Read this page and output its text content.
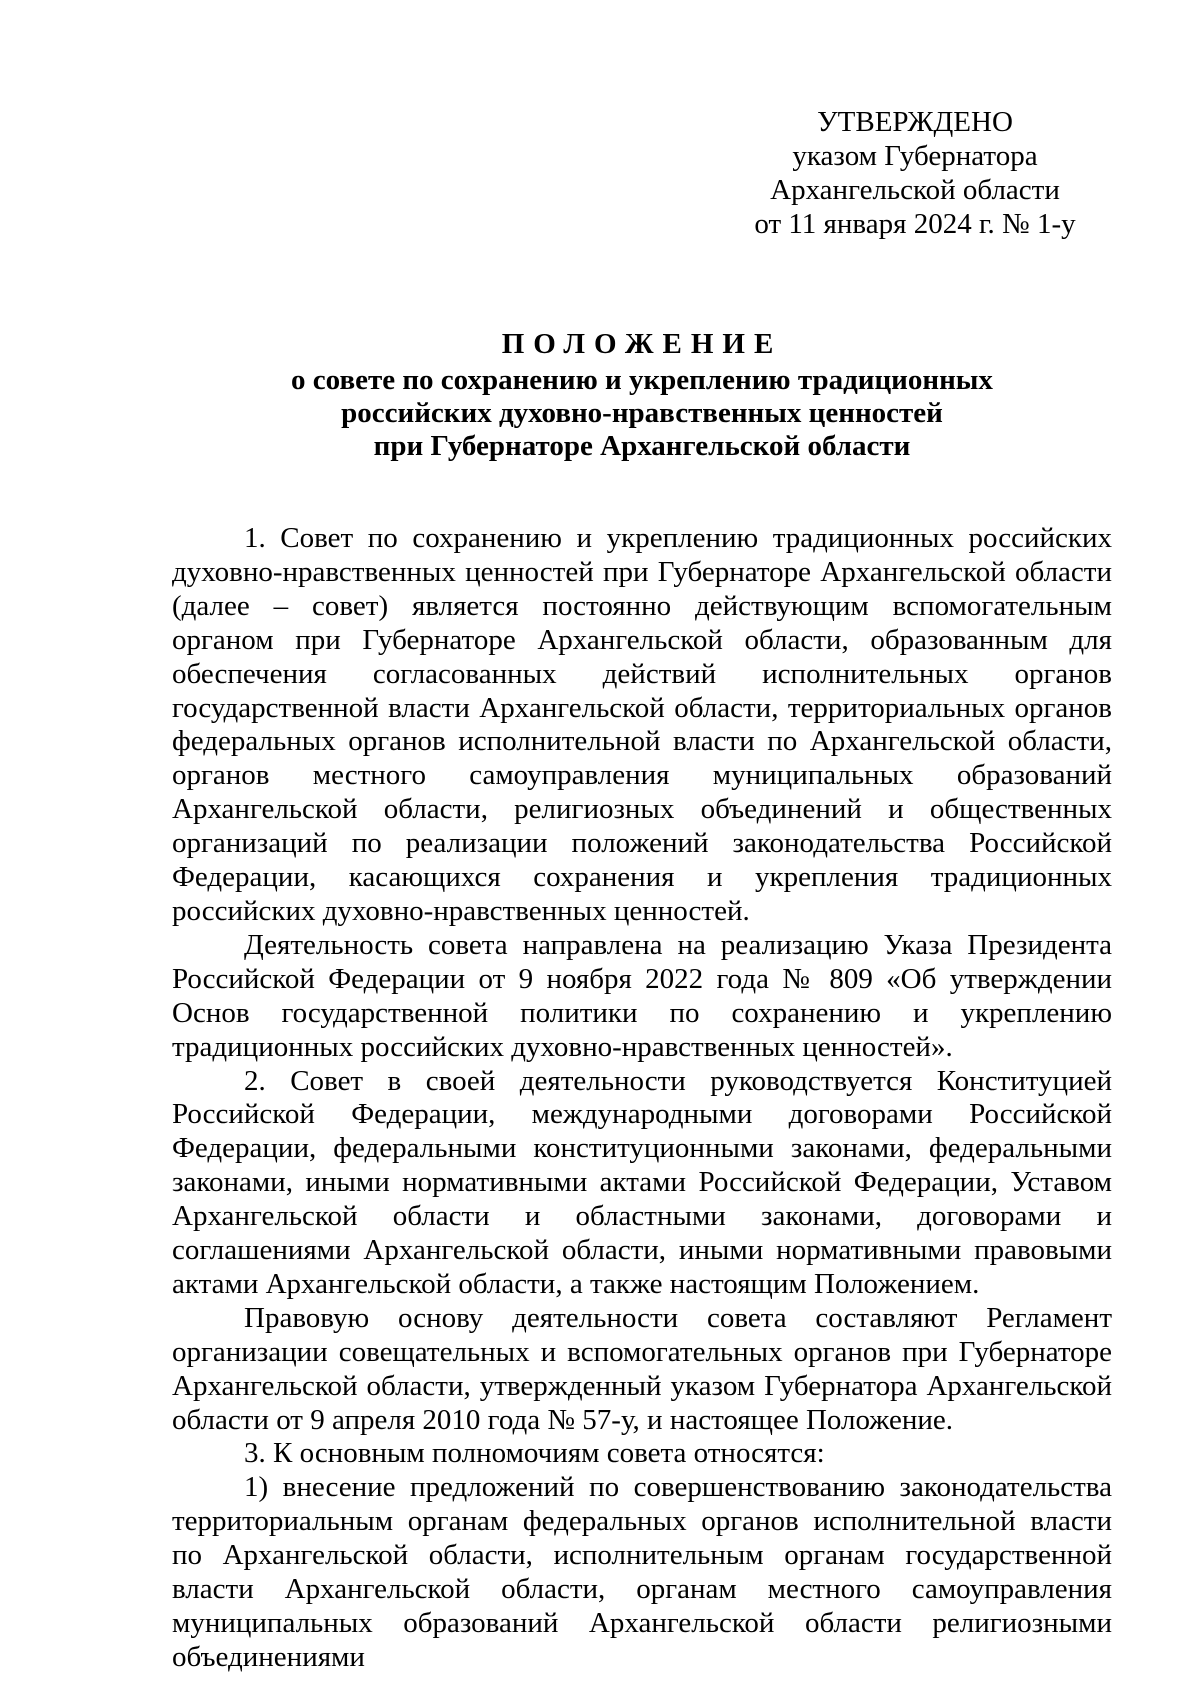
УТВЕРЖДЕНО
указом Губернатора
Архангельской области
от 11 января 2024 г. № 1-у
ПОЛОЖЕНИЕ
о совете по сохранению и укреплению традиционных
российских духовно-нравственных ценностей
при Губернаторе Архангельской области

1. Совет по сохранению и укреплению традиционных российских духовно-нравственных ценностей при Губернаторе Архангельской области (далее – совет) является постоянно действующим вспомогательным органом при Губернаторе Архангельской области, образованным для обеспечения согласованных действий исполнительных органов государственной власти Архангельской области, территориальных органов федеральных органов исполнительной власти по Архангельской области, органов местного самоуправления муниципальных образований Архангельской области, религиозных объединений и общественных организаций по реализации положений законодательства Российской Федерации, касающихся сохранения и укрепления традиционных российских духовно-нравственных ценностей.

Деятельность совета направлена на реализацию Указа Президента Российской Федерации от 9 ноября 2022 года № 809 «Об утверждении Основ государственной политики по сохранению и укреплению традиционных российских духовно-нравственных ценностей».

2. Совет в своей деятельности руководствуется Конституцией Российской Федерации, международными договорами Российской Федерации, федеральными конституционными законами, федеральными законами, иными нормативными актами Российской Федерации, Уставом Архангельской области и областными законами, договорами и соглашениями Архангельской области, иными нормативными правовыми актами Архангельской области, а также настоящим Положением.

Правовую основу деятельности совета составляют Регламент организации совещательных и вспомогательных органов при Губернаторе Архангельской области, утвержденный указом Губернатора Архангельской области от 9 апреля 2010 года № 57-у, и настоящее Положение.

3. К основным полномочиям совета относятся:

1) внесение предложений по совершенствованию законодательства территориальным органам федеральных органов исполнительной власти по Архангельской области, исполнительным органам государственной власти Архангельской области, органам местного самоуправления муниципальных образований Архангельской области религиозными объединениями
